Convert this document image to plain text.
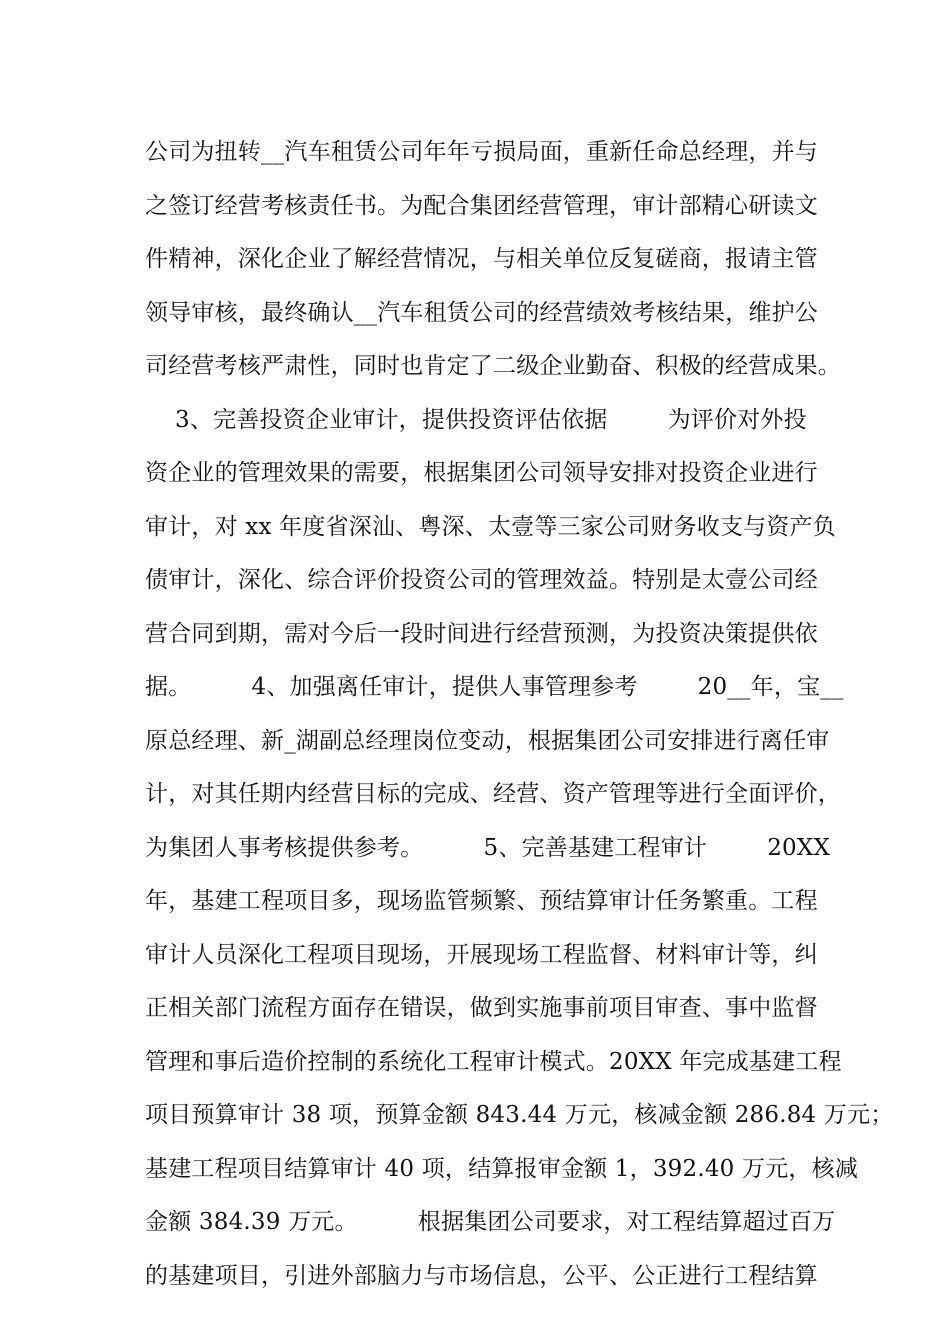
公司为扭转__汽车租赁公司年年亏损局面，重新任命总经理，并与
之签订经营考核责任书。为配合集团经营管理，审计部精心研读文
件精神，深化企业了解经营情况，与相关单位反复磋商，报请主管
领导审核，最终确认__汽车租赁公司的经营绩效考核结果，维护公
司经营考核严肃性，同时也肯定了二级企业勤奋、积极的经营成果。
3、完善投资企业审计，提供投资评估依据        为评价对外投
资企业的管理效果的需要，根据集团公司领导安排对投资企业进行
审计，对 xx 年度省深汕、粤深、太壹等三家公司财务收支与资产负
债审计，深化、综合评价投资公司的管理效益。特别是太壹公司经
营合同到期，需对今后一段时间进行经营预测，为投资决策提供依
据。        4、加强离任审计，提供人事管理参考        20__年，宝__
原总经理、新_湖副总经理岗位变动，根据集团公司安排进行离任审
计，对其任期内经营目标的完成、经营、资产管理等进行全面评价，
为集团人事考核提供参考。        5、完善基建工程审计        20XX
年，基建工程项目多，现场监管频繁、预结算审计任务繁重。工程
审计人员深化工程项目现场，开展现场工程监督、材料审计等，纠
正相关部门流程方面存在错误，做到实施事前项目审查、事中监督
管理和事后造价控制的系统化工程审计模式。20XX 年完成基建工程
项目预算审计 38 项，预算金额 843.44 万元，核减金额 286.84 万元；
基建工程项目结算审计 40 项，结算报审金额 1，392.40 万元，核减
金额 384.39 万元。        根据集团公司要求，对工程结算超过百万
的基建项目，引进外部脑力与市场信息，公平、公正进行工程结算
